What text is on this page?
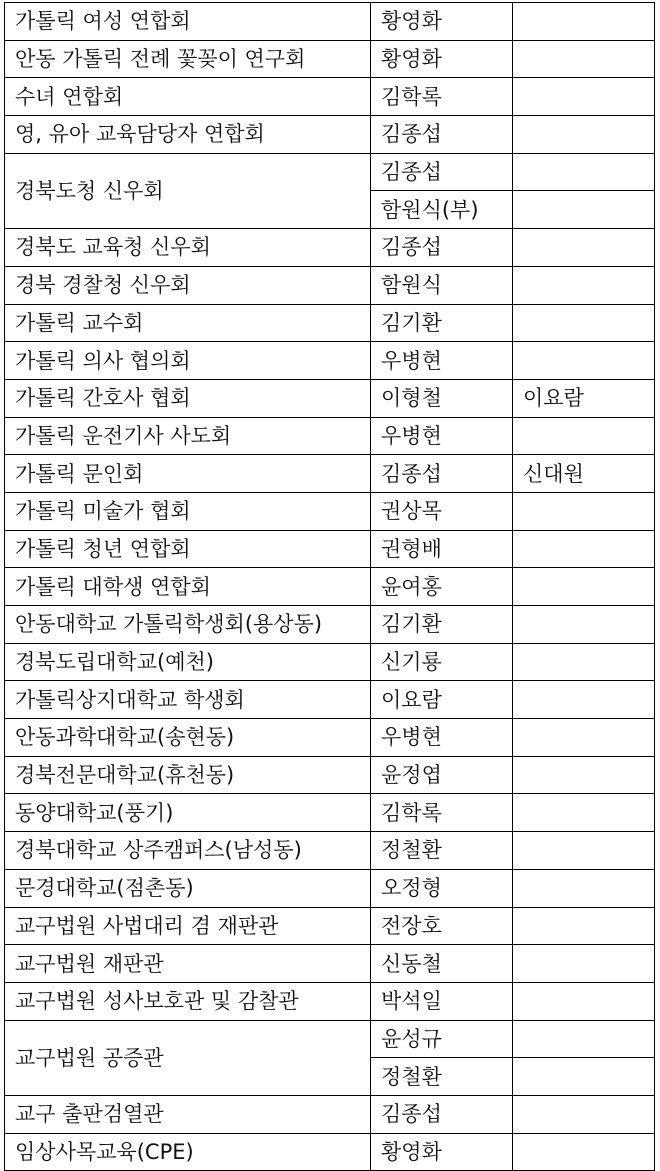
가톨릭 여성 연합회	황영화	
안동 가톨릭 전례 꽃꽂이 연구회	황영화	
수녀 연합회	김학록	
영, 유아 교육담당자 연합회	김종섭	
경북도청 신우회	김종섭	
	함원식(부)	
경북도 교육청 신우회	김종섭	
경북 경찰청 신우회	함원식	
가톨릭 교수회	김기환	
가톨릭 의사 협의회	우병현	
가톨릭 간호사 협회	이형철	이요람
가톨릭 운전기사 사도회	우병현	
가톨릭 문인회	김종섭	신대원
가톨릭 미술가 협회	권상목	
가톨릭 청년 연합회	권형배	
가톨릭 대학생 연합회	윤여홍	
안동대학교 가톨릭학생회(용상동)	김기환	
경북도립대학교(예천)	신기룡	
가톨릭상지대학교 학생회	이요람	
안동과학대학교(송현동)	우병현	
경북전문대학교(휴천동)	윤정엽	
동양대학교(풍기)	김학록	
경북대학교 상주캠퍼스(남성동)	정철환	
문경대학교(점촌동)	오정형	
교구법원 사법대리 겸 재판관	전장호	
교구법원 재판관	신동철	
교구법원 성사보호관 및 감찰관	박석일	
교구법원 공증관	윤성규	
	정철환	
교구 출판검열관	김종섭	
임상사목교육(CPE)	황영화	
